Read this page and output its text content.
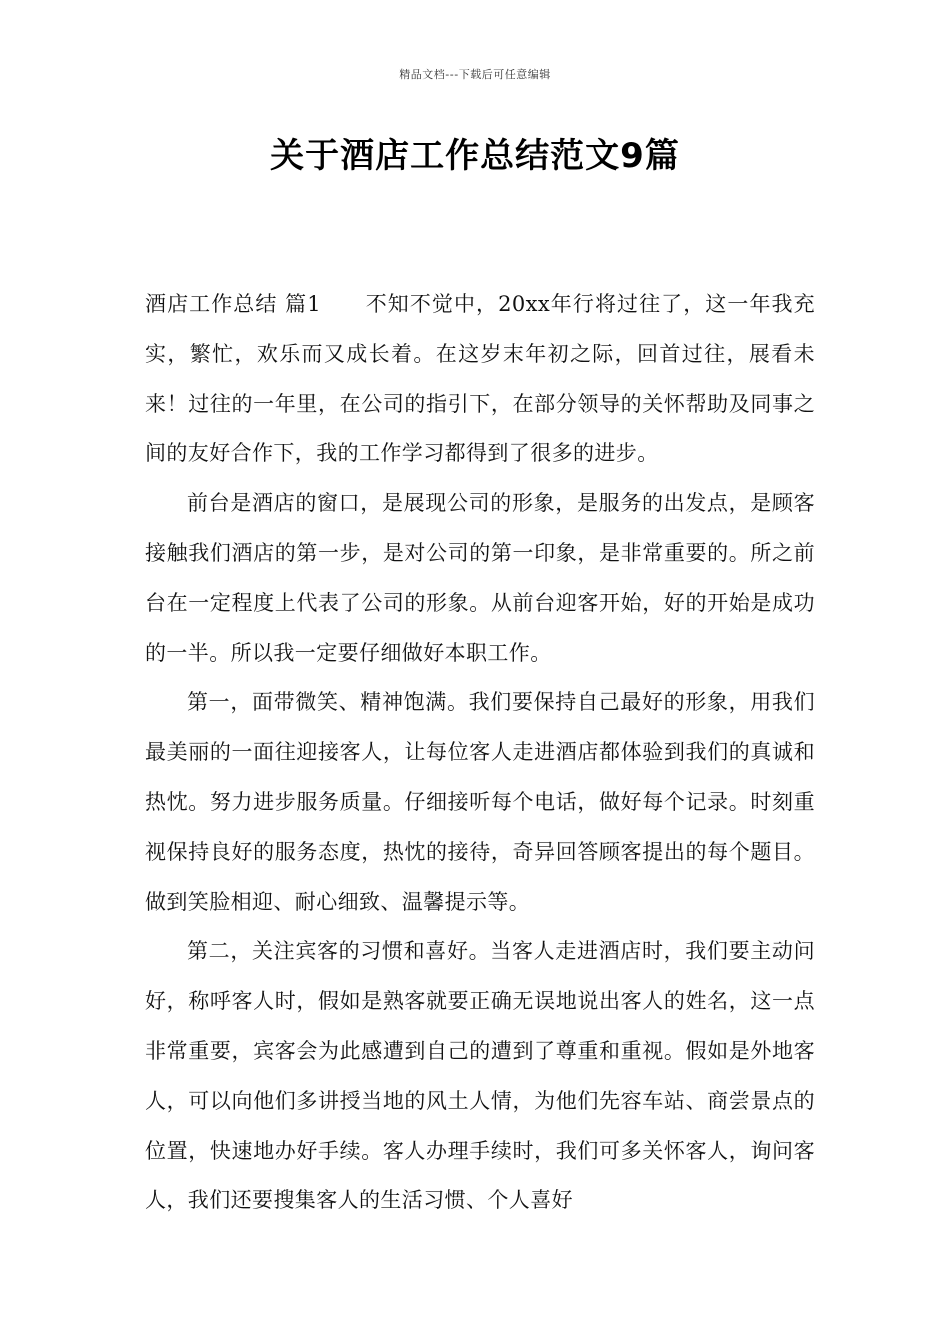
精品文档---下载后可任意编辑
关于酒店工作总结范文9篇

酒店工作总结 篇1 不知不觉中，20xx年行将过往了，这一年我充实，繁忙，欢乐而又成长着。在这岁末年初之际，回首过往，展看未来！过往的一年里，在公司的指引下，在部分领导的关怀帮助及同事之间的友好合作下，我的工作学习都得到了很多的进步。

前台是酒店的窗口，是展现公司的形象，是服务的出发点，是顾客接触我们酒店的第一步，是对公司的第一印象，是非常重要的。所之前台在一定程度上代表了公司的形象。从前台迎客开始，好的开始是成功的一半。所以我一定要仔细做好本职工作。

第一，面带微笑、精神饱满。我们要保持自己最好的形象，用我们最美丽的一面往迎接客人，让每位客人走进酒店都体验到我们的真诚和热忱。努力进步服务质量。仔细接听每个电话，做好每个记录。时刻重视保持良好的服务态度，热忱的接待，奇异回答顾客提出的每个题目。做到笑脸相迎、耐心细致、温馨提示等。

第二，关注宾客的习惯和喜好。当客人走进酒店时，我们要主动问好，称呼客人时，假如是熟客就要正确无误地说出客人的姓名，这一点非常重要，宾客会为此感遭到自己的遭到了尊重和重视。假如是外地客人，可以向他们多讲授当地的风土人情，为他们先容车站、商尝景点的位置，快速地办好手续。客人办理手续时，我们可多关怀客人，询问客人，我们还要搜集客人的生活习惯、个人喜好
